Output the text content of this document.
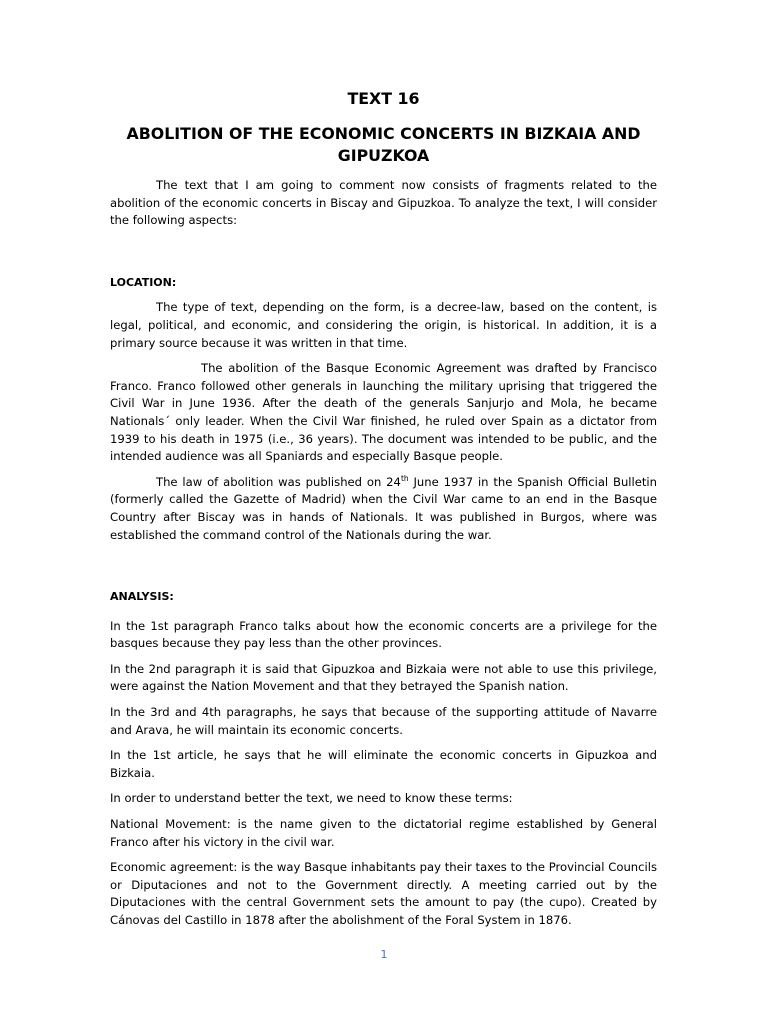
TEXT 16
ABOLITION OF THE ECONOMIC CONCERTS IN BIZKAIA AND GIPUZKOA

The text that I am going to comment now consists of fragments related to the abolition of the economic concerts in Biscay and Gipuzkoa. To analyze the text, I will consider the following aspects:

LOCATION:

The type of text, depending on the form, is a decree-law, based on the content, is legal, political, and economic, and considering the origin, is historical. In addition, it is a primary source because it was written in that time.

The abolition of the Basque Economic Agreement was drafted by Francisco Franco. Franco followed other generals in launching the military uprising that triggered the Civil War in June 1936. After the death of the generals Sanjurjo and Mola, he became Nationals´ only leader. When the Civil War finished, he ruled over Spain as a dictator from 1939 to his death in 1975 (i.e., 36 years). The document was intended to be public, and the intended audience was all Spaniards and especially Basque people.

The law of abolition was published on 24th June 1937 in the Spanish Official Bulletin (formerly called the Gazette of Madrid) when the Civil War came to an end in the Basque Country after Biscay was in hands of Nationals. It was published in Burgos, where was established the command control of the Nationals during the war.

ANALYSIS:

In the 1st paragraph Franco talks about how the economic concerts are a privilege for the basques because they pay less than the other provinces.

In the 2nd paragraph it is said that Gipuzkoa and Bizkaia were not able to use this privilege, were against the Nation Movement and that they betrayed the Spanish nation.

In the 3rd and 4th paragraphs, he says that because of the supporting attitude of Navarre and Arava, he will maintain its economic concerts.

In the 1st article, he says that he will eliminate the economic concerts in Gipuzkoa and Bizkaia.

In order to understand better the text, we need to know these terms:

National Movement: is the name given to the dictatorial regime established by General Franco after his victory in the civil war.

Economic agreement: is the way Basque inhabitants pay their taxes to the Provincial Councils or Diputaciones and not to the Government directly. A meeting carried out by the Diputaciones with the central Government sets the amount to pay (the cupo). Created by Cánovas del Castillo in 1878 after the abolishment of the Foral System in 1876.

1
